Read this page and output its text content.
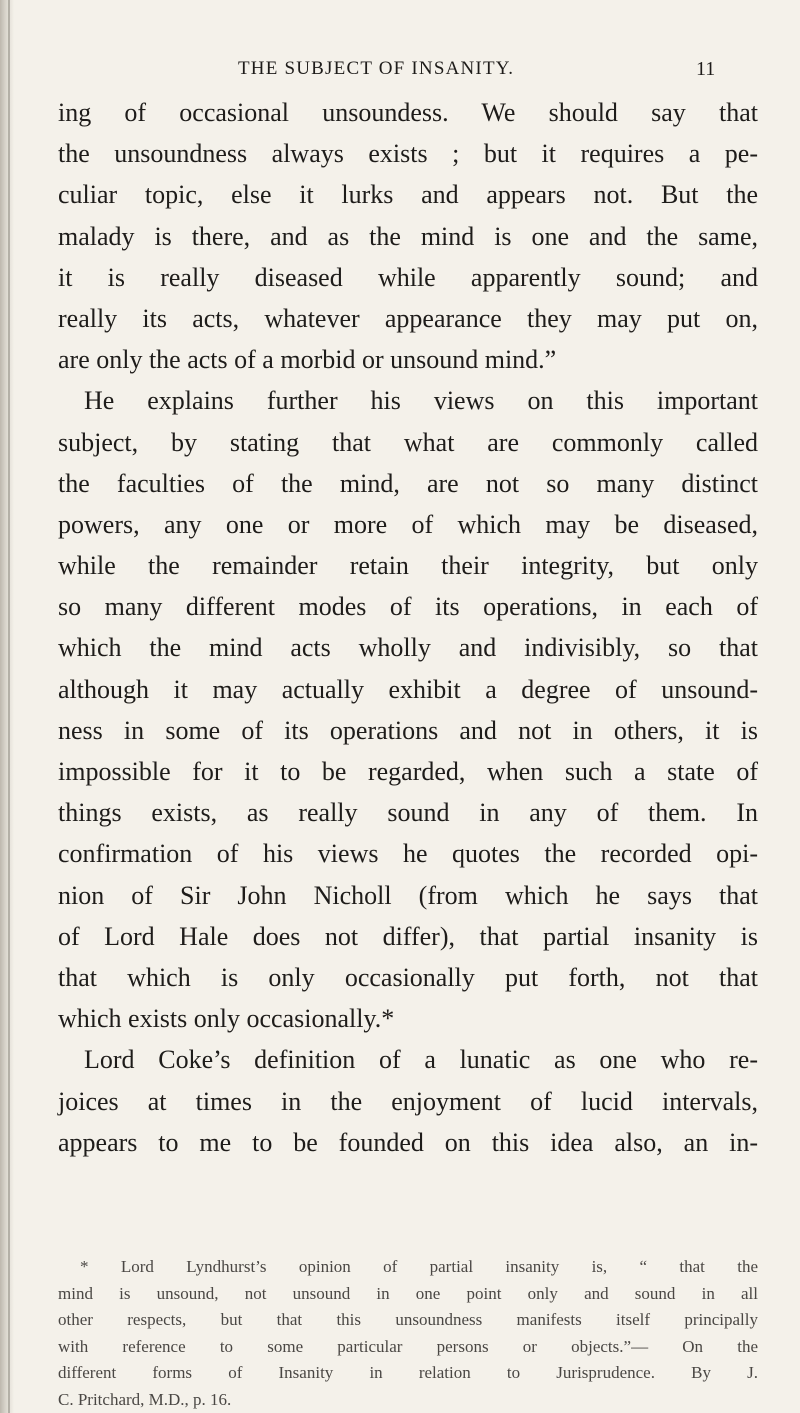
THE SUBJECT OF INSANITY.	11
ing of occasional unsoundess. We should say that
the unsoundness always exists ; but it requires a pe-
culiar topic, else it lurks and appears not. But the
malady is there, and as the mind is one and the same,
it is really diseased while apparently sound; and
really its acts, whatever appearance they may put on,
are only the acts of a morbid or unsound mind.”
He explains further his views on this important
subject, by stating that what are commonly called
the faculties of the mind, are not so many distinct
powers, any one or more of which may be diseased,
while the remainder retain their integrity, but only
so many different modes of its operations, in each of
which the mind acts wholly and indivisibly, so that
although it may actually exhibit a degree of unsound-
ness in some of its operations and not in others, it is
impossible for it to be regarded, when such a state of
things exists, as really sound in any of them. In
confirmation of his views he quotes the recorded opi-
nion of Sir John Nicholl (from which he says that
of Lord Hale does not differ), that partial insanity is
that which is only occasionally put forth, not that
which exists only occasionally.*
Lord Coke’s definition of a lunatic as one who re-
joices at times in the enjoyment of lucid intervals,
appears to me to be founded on this idea also, an in-
* Lord Lyndhurst’s opinion of partial insanity is, “ that the
mind is unsound, not unsound in one point only and sound in all
other respects, but that this unsoundness manifests itself principally
with reference to some particular persons or objects.”— On the
different forms of Insanity in relation to Jurisprudence. By J.
C. Pritchard, M.D., p. 16.
